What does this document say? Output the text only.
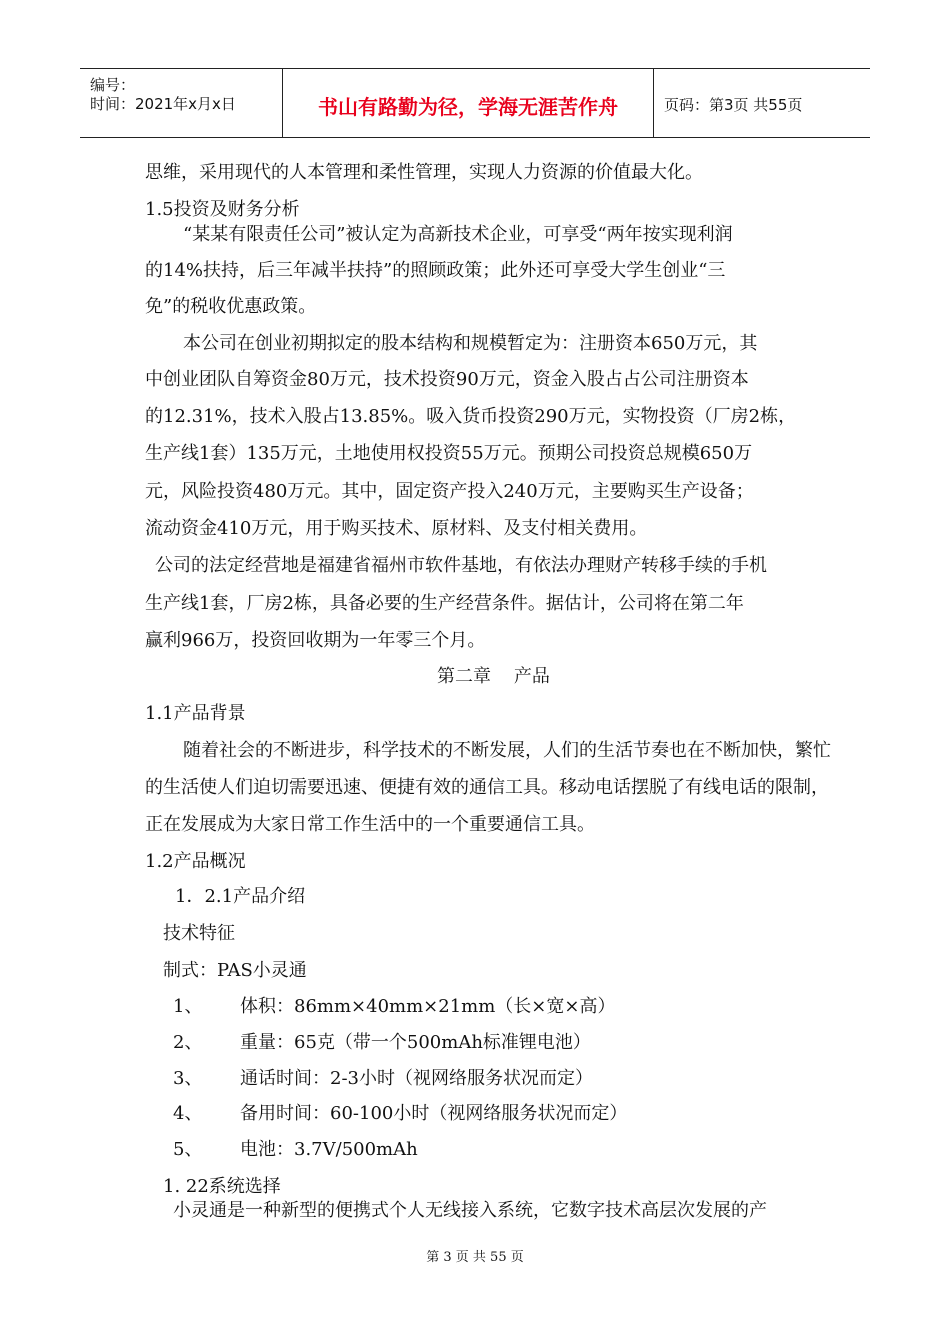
编号：
时间：2021年x月x日	书山有路勤为径，学海无涯苦作舟	页码：第3页 共55页
思维，采用现代的人本管理和柔性管理，实现人力资源的价值最大化。
1.5投资及财务分析
“某某有限责任公司”被认定为高新技术企业，可享受“两年按实现利润
的14%扶持，后三年减半扶持”的照顾政策；此外还可享受大学生创业“三
免”的税收优惠政策。
本公司在创业初期拟定的股本结构和规模暂定为：注册资本650万元，其
中创业团队自筹资金80万元，技术投资90万元，资金入股占占公司注册资本
的12.31%，技术入股占13.85%。吸入货币投资290万元，实物投资（厂房2栋，
生产线1套）135万元，土地使用权投资55万元。预期公司投资总规模650万
元，风险投资480万元。其中，固定资产投入240万元，主要购买生产设备；
流动资金410万元，用于购买技术、原材料、及支付相关费用。
公司的法定经营地是福建省福州市软件基地，有依法办理财产转移手续的手机
生产线1套，厂房2栋，具备必要的生产经营条件。据估计，公司将在第二年
赢利966万，投资回收期为一年零三个月。
第二章    产品
1.1产品背景
随着社会的不断进步，科学技术的不断发展，人们的生活节奏也在不断加快，繁忙
的生活使人们迫切需要迅速、便捷有效的通信工具。移动电话摆脱了有线电话的限制，
正在发展成为大家日常工作生活中的一个重要通信工具。
1.2产品概况
1．2.1产品介绍
技术特征
制式：PAS小灵通
1、 体积：86mm×40mm×21mm（长×宽×高）
2、 重量：65克（带一个500mAh标准锂电池）
3、 通话时间：2-3小时（视网络服务状况而定）
4、 备用时间：60-100小时（视网络服务状况而定）
5、 电池：3.7V/500mAh
1. 22系统选择
小灵通是一种新型的便携式个人无线接入系统，它数字技术高层次发展的产
第 3 页 共 55 页
